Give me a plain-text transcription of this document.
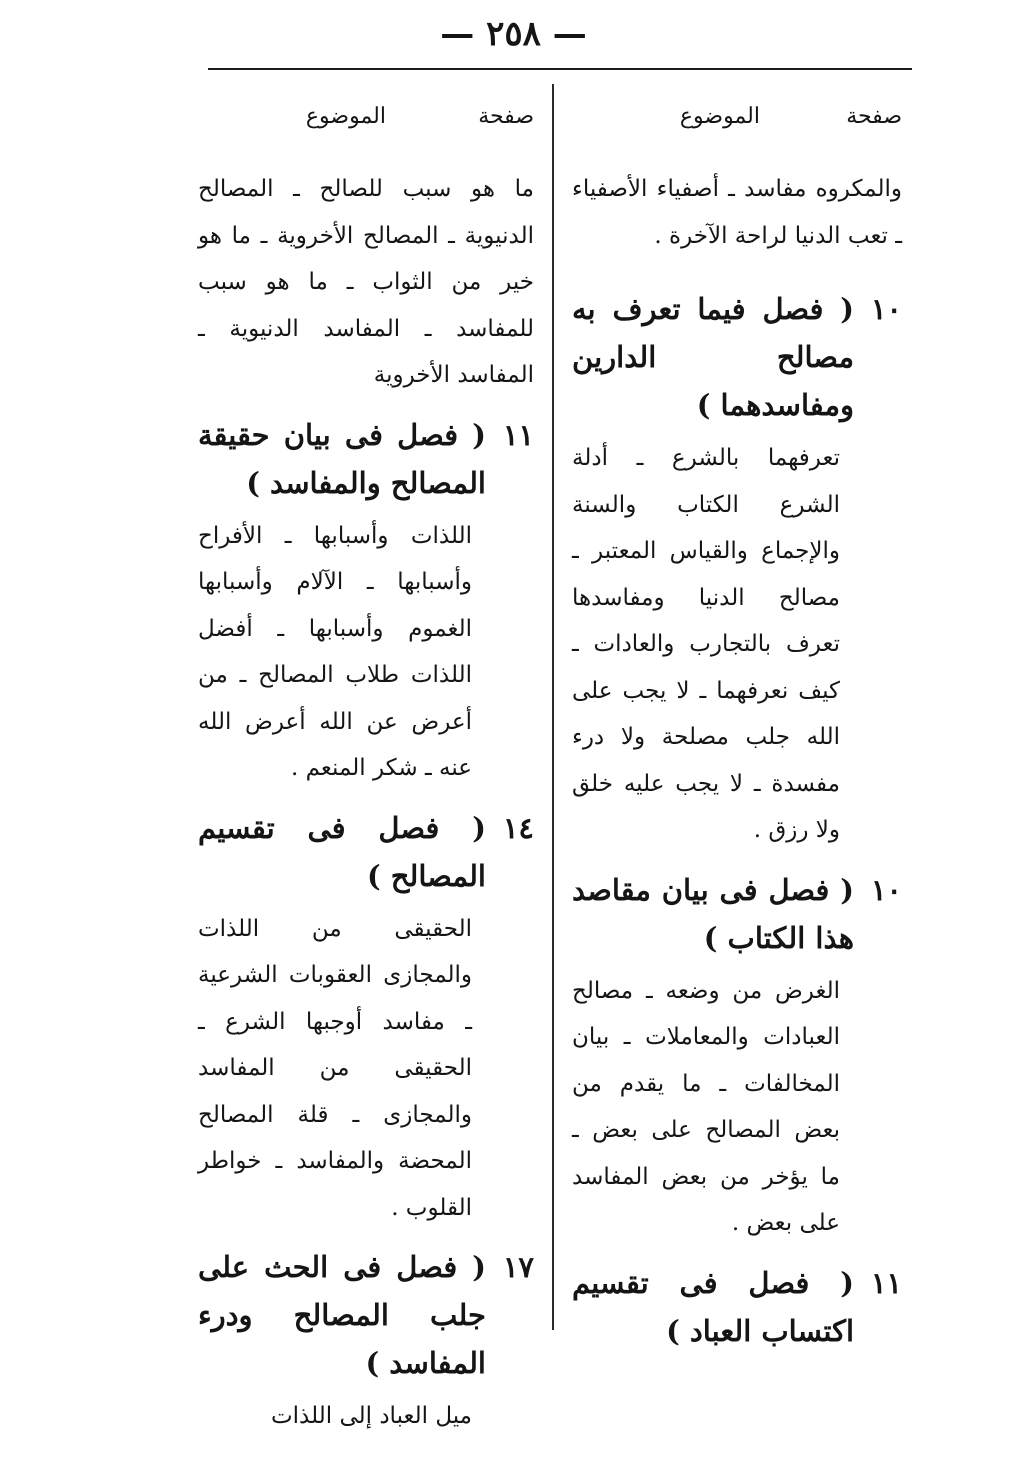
— ٢٥٨ —
صفحة
الموضوع
والمكروه مفاسد ـ أصفياء الأصفياء ـ تعب الدنيا لراحة الآخرة .
١٠
( فصل فيما تعرف به مصالح الدارين ومفاسدهما )
تعرفهما بالشرع ـ أدلة الشرع الكتاب والسنة والإجماع والقياس المعتبر ـ مصالح الدنيا ومفاسدها تعرف بالتجارب والعادات ـ كيف نعرفهما ـ لا يجب على الله جلب مصلحة ولا درء مفسدة ـ لا يجب عليه خلق ولا رزق .
١٠
( فصل فى بيان مقاصد هذا الكتاب )
الغرض من وضعه ـ مصالح العبادات والمعاملات ـ بيان المخالفات ـ ما يقدم من بعض المصالح على بعض ـ ما يؤخر من بعض المفاسد على بعض .
١١
( فصل فى تقسيم اكتساب العباد )
صفحة
الموضوع
ما هو سبب للصالح ـ المصالح الدنيوية ـ المصالح الأخروية ـ ما هو خير من الثواب ـ ما هو سبب للمفاسد ـ المفاسد الدنيوية ـ المفاسد الأخروية
١١
( فصل فى بيان حقيقة المصالح والمفاسد )
اللذات وأسبابها ـ الأفراح وأسبابها ـ الآلام وأسبابها الغموم وأسبابها ـ أفضل اللذات طلاب المصالح ـ من أعرض عن الله أعرض الله عنه ـ شكر المنعم .
١٤
( فصل فى تقسيم المصالح )
الحقيقى من اللذات والمجازى العقوبات الشرعية ـ مفاسد أوجبها الشرع ـ الحقيقى من المفاسد والمجازى ـ قلة المصالح المحضة والمفاسد ـ خواطر القلوب .
١٧
( فصل فى الحث على جلب المصالح ودرء المفاسد )
ميل العباد إلى اللذات
